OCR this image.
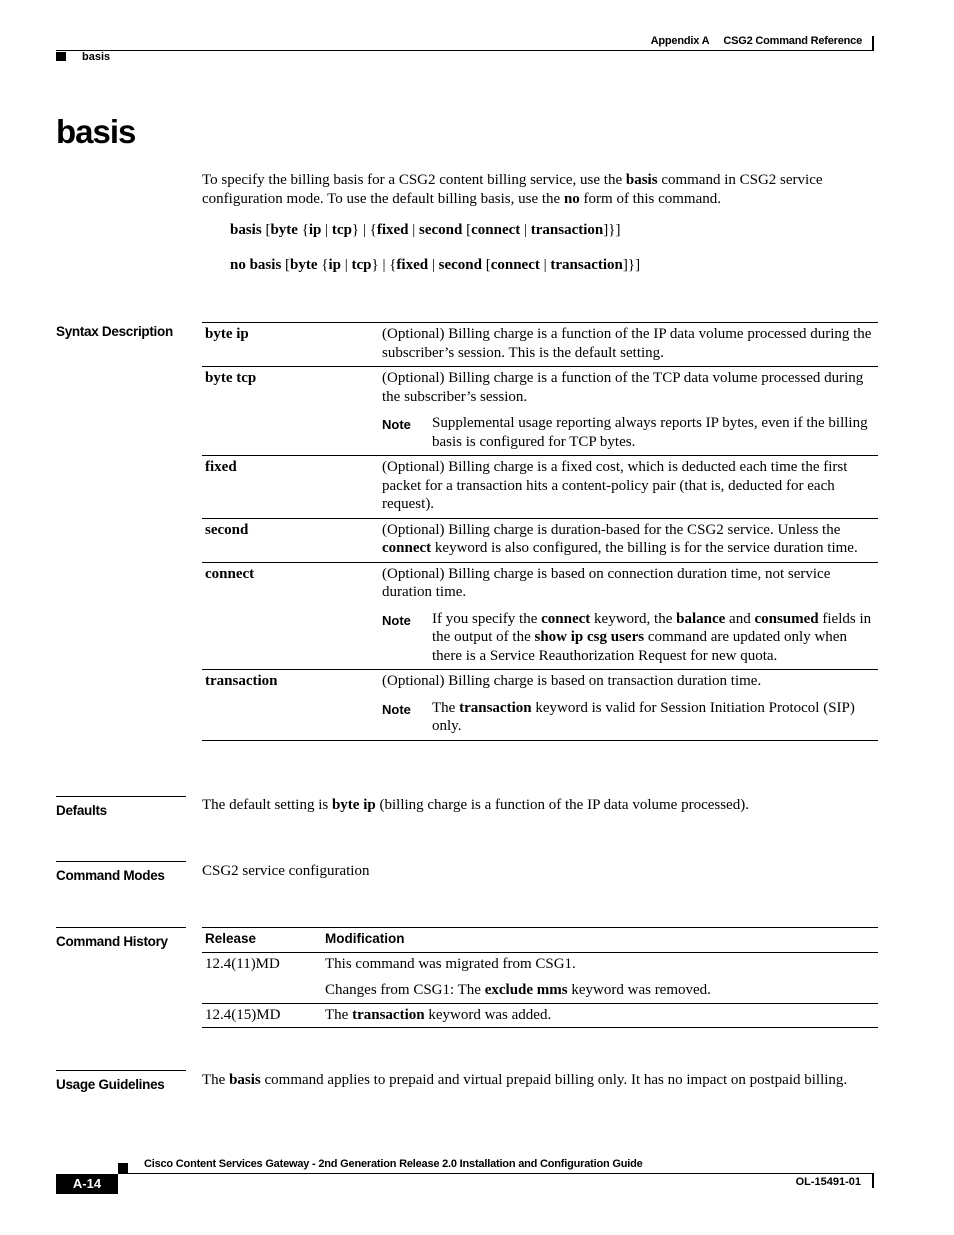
Appendix A CSG2 Command Reference
basis
basis
To specify the billing basis for a CSG2 content billing service, use the basis command in CSG2 service configuration mode. To use the default billing basis, use the no form of this command.
basis [byte {ip | tcp} | {fixed | second [connect | transaction]}]
no basis [byte {ip | tcp} | {fixed | second [connect | transaction]}]
Syntax Description	byte ip	(Optional) Billing charge is a function of the IP data volume processed during the subscriber’s session. This is the default setting.
byte tcp	(Optional) Billing charge is a function of the TCP data volume processed during the subscriber’s session.
Note	Supplemental usage reporting always reports IP bytes, even if the billing basis is configured for TCP bytes.
fixed	(Optional) Billing charge is a fixed cost, which is deducted each time the first packet for a transaction hits a content-policy pair (that is, deducted for each request).
second	(Optional) Billing charge is duration-based for the CSG2 service. Unless the connect keyword is also configured, the billing is for the service duration time.
connect	(Optional) Billing charge is based on connection duration time, not service duration time.
Note	If you specify the connect keyword, the balance and consumed fields in the output of the show ip csg users command are updated only when there is a Service Reauthorization Request for new quota.
transaction	(Optional) Billing charge is based on transaction duration time.
Note	The transaction keyword is valid for Session Initiation Protocol (SIP) only.
Defaults	The default setting is byte ip (billing charge is a function of the IP data volume processed).
Command Modes	CSG2 service configuration
Command History	Release	Modification
12.4(11)MD	This command was migrated from CSG1.
Changes from CSG1: The exclude mms keyword was removed.
12.4(15)MD	The transaction keyword was added.
Usage Guidelines	The basis command applies to prepaid and virtual prepaid billing only. It has no impact on postpaid billing.
Cisco Content Services Gateway - 2nd Generation Release 2.0 Installation and Configuration Guide
A-14	OL-15491-01
